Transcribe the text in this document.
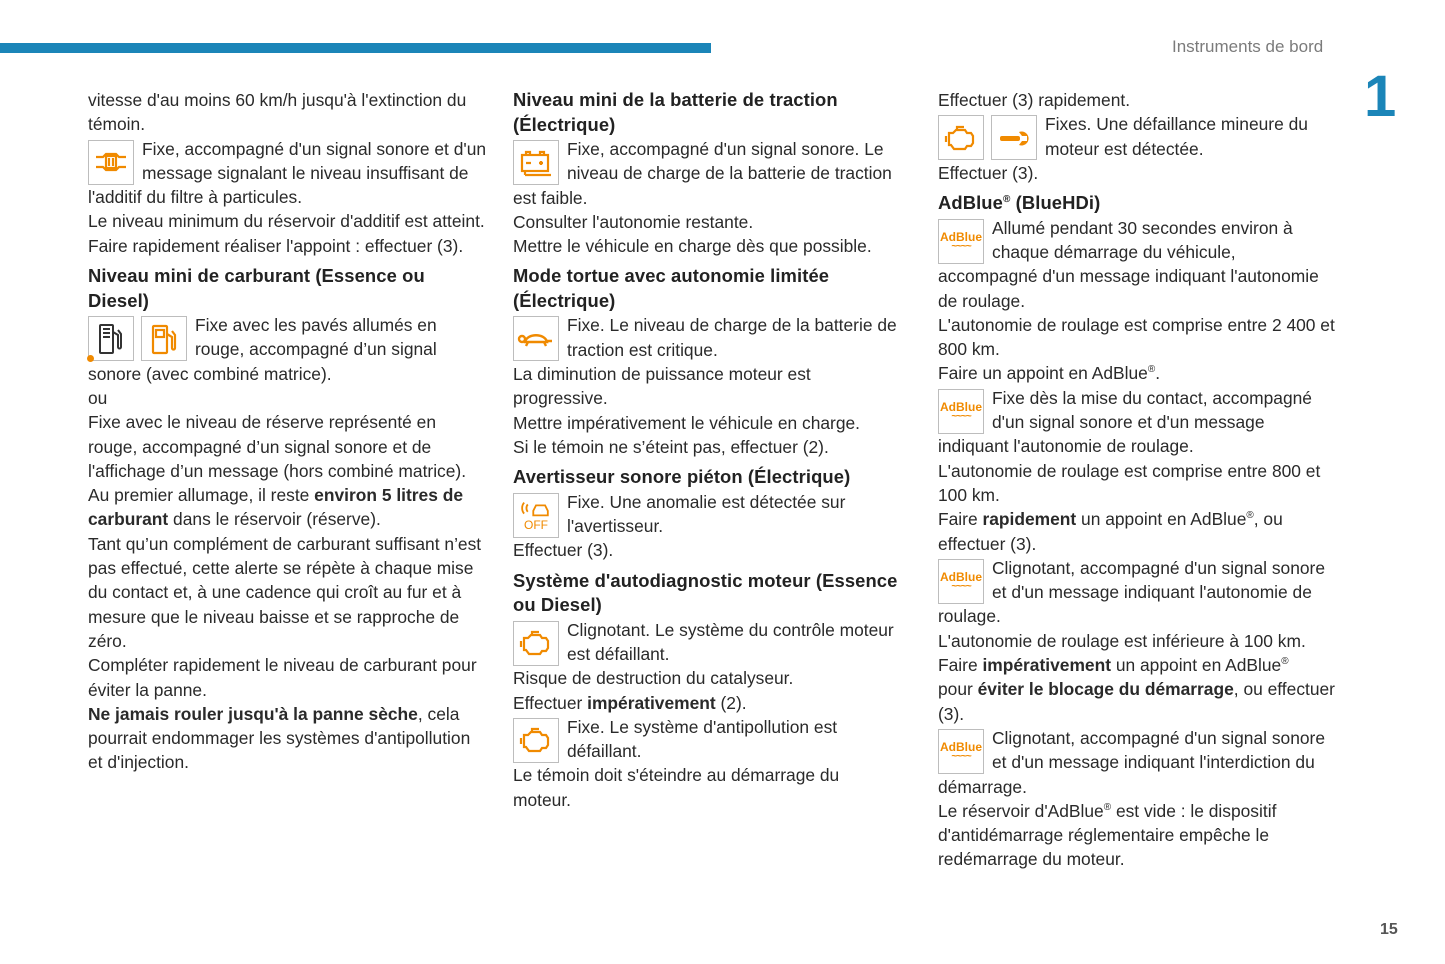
Instruments de bord
1
15

vitesse d'au moins 60 km/h jusqu'à l'extinction du témoin.

Fixe, accompagné d'un signal sonore et d'un message signalant le niveau insuffisant de l'additif du filtre à particules.

Le niveau minimum du réservoir d'additif est atteint.

Faire rapidement réaliser l'appoint : effectuer (3).

Niveau mini de carburant (Essence ou Diesel)
Fixe avec les pavés allumés en rouge, accompagné d’un signal sonore (avec combiné matrice).

ou

Fixe avec le niveau de réserve représenté en rouge, accompagné d’un signal sonore et de l'affichage d’un message (hors combiné matrice).

Au premier allumage, il reste environ 5 litres de carburant dans le réservoir (réserve).

Tant qu’un complément de carburant suffisant n’est pas effectué, cette alerte se répète à chaque mise du contact et, à une cadence qui croît au fur et à mesure que le niveau baisse et se rapproche de zéro.

Compléter rapidement le niveau de carburant pour éviter la panne.

Ne jamais rouler jusqu'à la panne sèche, cela pourrait endommager les systèmes d'antipollution et d'injection.

Niveau mini de la batterie de traction (Électrique)
Fixe, accompagné d'un signal sonore. Le niveau de charge de la batterie de traction est faible.

Consulter l'autonomie restante.

Mettre le véhicule en charge dès que possible.

Mode tortue avec autonomie limitée (Électrique)
Fixe. Le niveau de charge de la batterie de traction est critique.

La diminution de puissance moteur est progressive.

Mettre impérativement le véhicule en charge.

Si le témoin ne s’éteint pas, effectuer (2).

Avertisseur sonore piéton (Électrique)
OFF
Fixe. Une anomalie est détectée sur l'avertisseur.

Effectuer (3).

Système d'autodiagnostic moteur (Essence ou Diesel)
Clignotant. Le système du contrôle moteur est défaillant.

Risque de destruction du catalyseur.

Effectuer impérativement (2).

Fixe. Le système d'antipollution est défaillant.

Le témoin doit s'éteindre au démarrage du moteur.

Effectuer (3) rapidement.

Fixes. Une défaillance mineure du moteur est détectée.

Effectuer (3).

AdBlue® (BlueHDi)
AdBlue
~~~~
Allumé pendant 30 secondes environ à chaque démarrage du véhicule, accompagné d'un message indiquant l'autonomie de roulage.

L'autonomie de roulage est comprise entre 2 400 et 800 km.

Faire un appoint en AdBlue®.

AdBlue
~~~~
Fixe dès la mise du contact, accompagné d'un signal sonore et d'un message indiquant l'autonomie de roulage.

L'autonomie de roulage est comprise entre 800 et 100 km.

Faire rapidement un appoint en AdBlue®, ou effectuer (3).

AdBlue
~~~~
Clignotant, accompagné d'un signal sonore et d'un message indiquant l'autonomie de roulage.

L'autonomie de roulage est inférieure à 100 km.

Faire impérativement un appoint en AdBlue®
pour éviter le blocage du démarrage, ou effectuer (3).

AdBlue
~~~~
Clignotant, accompagné d'un signal sonore et d'un message indiquant l'interdiction du démarrage.

Le réservoir d'AdBlue® est vide : le dispositif d'antidémarrage réglementaire empêche le redémarrage du moteur.
